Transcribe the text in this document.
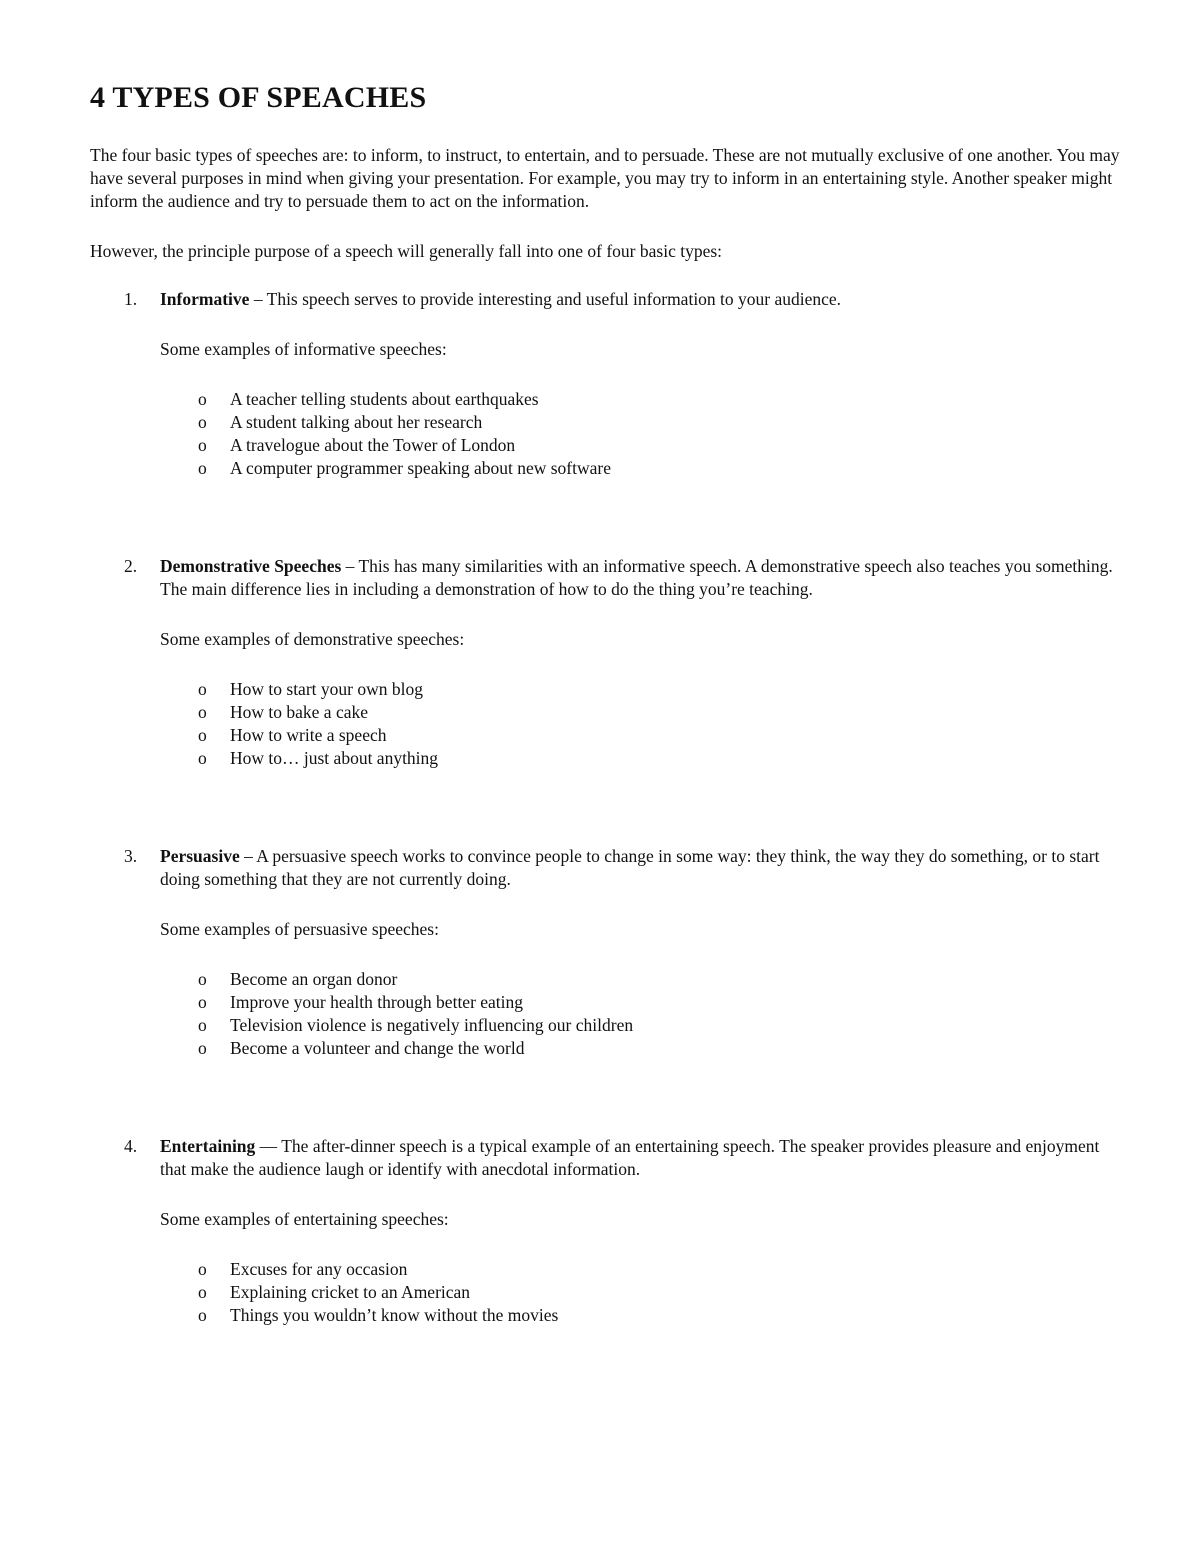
4 TYPES OF SPEACHES

The four basic types of speeches are: to inform, to instruct, to entertain, and to persuade. These are not mutually exclusive of one another. You may have several purposes in mind when giving your presentation. For example, you may try to inform in an entertaining style. Another speaker might inform the audience and try to persuade them to act on the information.

However, the principle purpose of a speech will generally fall into one of four basic types:

1. Informative – This speech serves to provide interesting and useful information to your audience.

Some examples of informative speeches:

o A teacher telling students about earthquakes
o A student talking about her research
o A travelogue about the Tower of London
o A computer programmer speaking about new software

2. Demonstrative Speeches – This has many similarities with an informative speech. A demonstrative speech also teaches you something. The main difference lies in including a demonstration of how to do the thing you’re teaching.

Some examples of demonstrative speeches:

o How to start your own blog
o How to bake a cake
o How to write a speech
o How to… just about anything

3. Persuasive – A persuasive speech works to convince people to change in some way: they think, the way they do something, or to start doing something that they are not currently doing.

Some examples of persuasive speeches:

o Become an organ donor
o Improve your health through better eating
o Television violence is negatively influencing our children
o Become a volunteer and change the world

4. Entertaining — The after-dinner speech is a typical example of an entertaining speech. The speaker provides pleasure and enjoyment that make the audience laugh or identify with anecdotal information.

Some examples of entertaining speeches:

o Excuses for any occasion
o Explaining cricket to an American
o Things you wouldn’t know without the movies
